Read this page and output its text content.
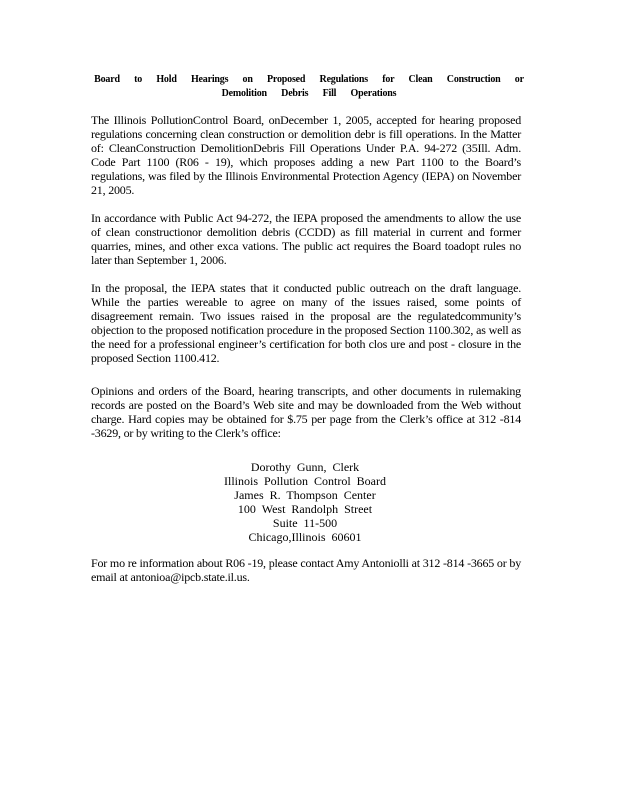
Board to Hold Hearings on Proposed Regulations for Clean Construction or
Demolition Debris Fill Operations

The Illinois PollutionControl Board, onDecember 1, 2005, accepted for hearing proposed regulations concerning clean construction or demolition debr is fill operations. In the Matter of: CleanConstruction DemolitionDebris Fill Operations Under P.A. 94-272 (35Ill. Adm. Code Part 1100 (R06 - 19), which proposes adding a new Part 1100 to the Board’s regulations, was filed by the Illinois Environmental Protection Agency (IEPA) on November 21, 2005.

In accordance with Public Act 94-272, the IEPA proposed the amendments to allow the use of clean constructionor demolition debris (CCDD) as fill material in current and former quarries, mines, and other exca vations. The public act requires the Board toadopt rules no later than September 1, 2006.

In the proposal, the IEPA states that it conducted public outreach on the draft language. While the parties wereable to agree on many of the issues raised, some points of disagreement remain. Two issues raised in the proposal are the regulatedcommunity’s objection to the proposed notification procedure in the proposed Section 1100.302, as well as the need for a professional engineer’s certification for both clos ure and post - closure in the proposed Section 1100.412.

Opinions and orders of the Board, hearing transcripts, and other documents in rulemaking records are posted on the Board’s Web site and may be downloaded from the Web without charge. Hard copies may be obtained for $.75 per page from the Clerk’s office at 312 -814 -3629, or by writing to the Clerk’s office:

Dorothy Gunn, Clerk
Illinois Pollution Control Board
James R. Thompson Center
100 West Randolph Street
Suite 11-500
Chicago,Illinois 60601

For mo re information about R06 -19, please contact Amy Antoniolli at 312 -814 -3665 or by email at antonioa@ipcb.state.il.us.
